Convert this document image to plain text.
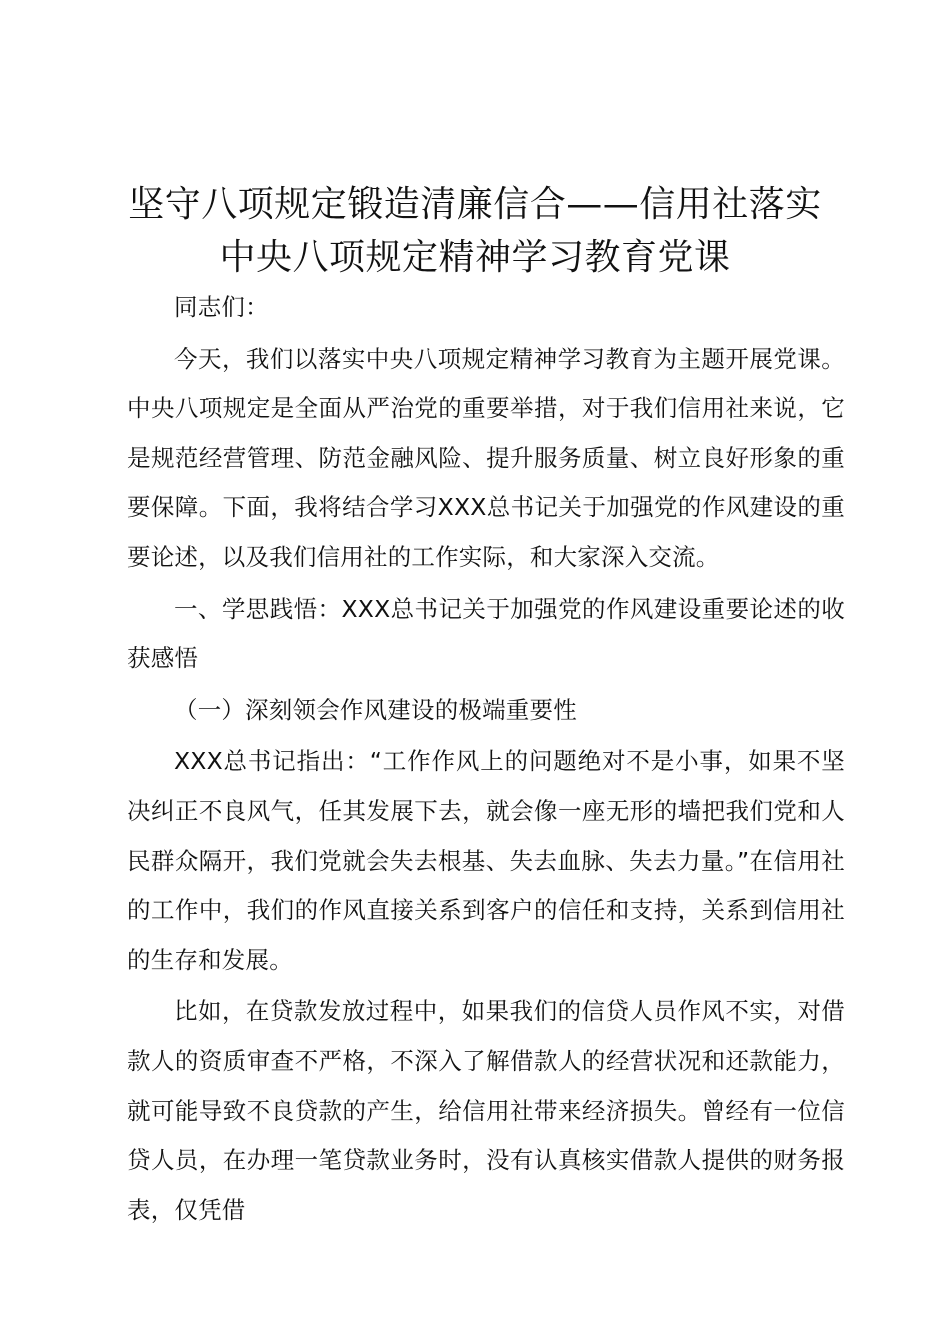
坚守八项规定锻造清廉信合——信用社落实中央八项规定精神学习教育党课

同志们：

今天，我们以落实中央八项规定精神学习教育为主题开展党课。中央八项规定是全面从严治党的重要举措，对于我们信用社来说，它是规范经营管理、防范金融风险、提升服务质量、树立良好形象的重要保障。下面，我将结合学习XXX总书记关于加强党的作风建设的重要论述，以及我们信用社的工作实际，和大家深入交流。

一、学思践悟：XXX总书记关于加强党的作风建设重要论述的收获感悟

（一）深刻领会作风建设的极端重要性

XXX总书记指出：“工作作风上的问题绝对不是小事，如果不坚决纠正不良风气，任其发展下去，就会像一座无形的墙把我们党和人民群众隔开，我们党就会失去根基、失去血脉、失去力量。”在信用社的工作中，我们的作风直接关系到客户的信任和支持，关系到信用社的生存和发展。

比如，在贷款发放过程中，如果我们的信贷人员作风不实，对借款人的资质审查不严格，不深入了解借款人的经营状况和还款能力，就可能导致不良贷款的产生，给信用社带来经济损失。曾经有一位信贷人员，在办理一笔贷款业务时，没有认真核实借款人提供的财务报表，仅凭借
